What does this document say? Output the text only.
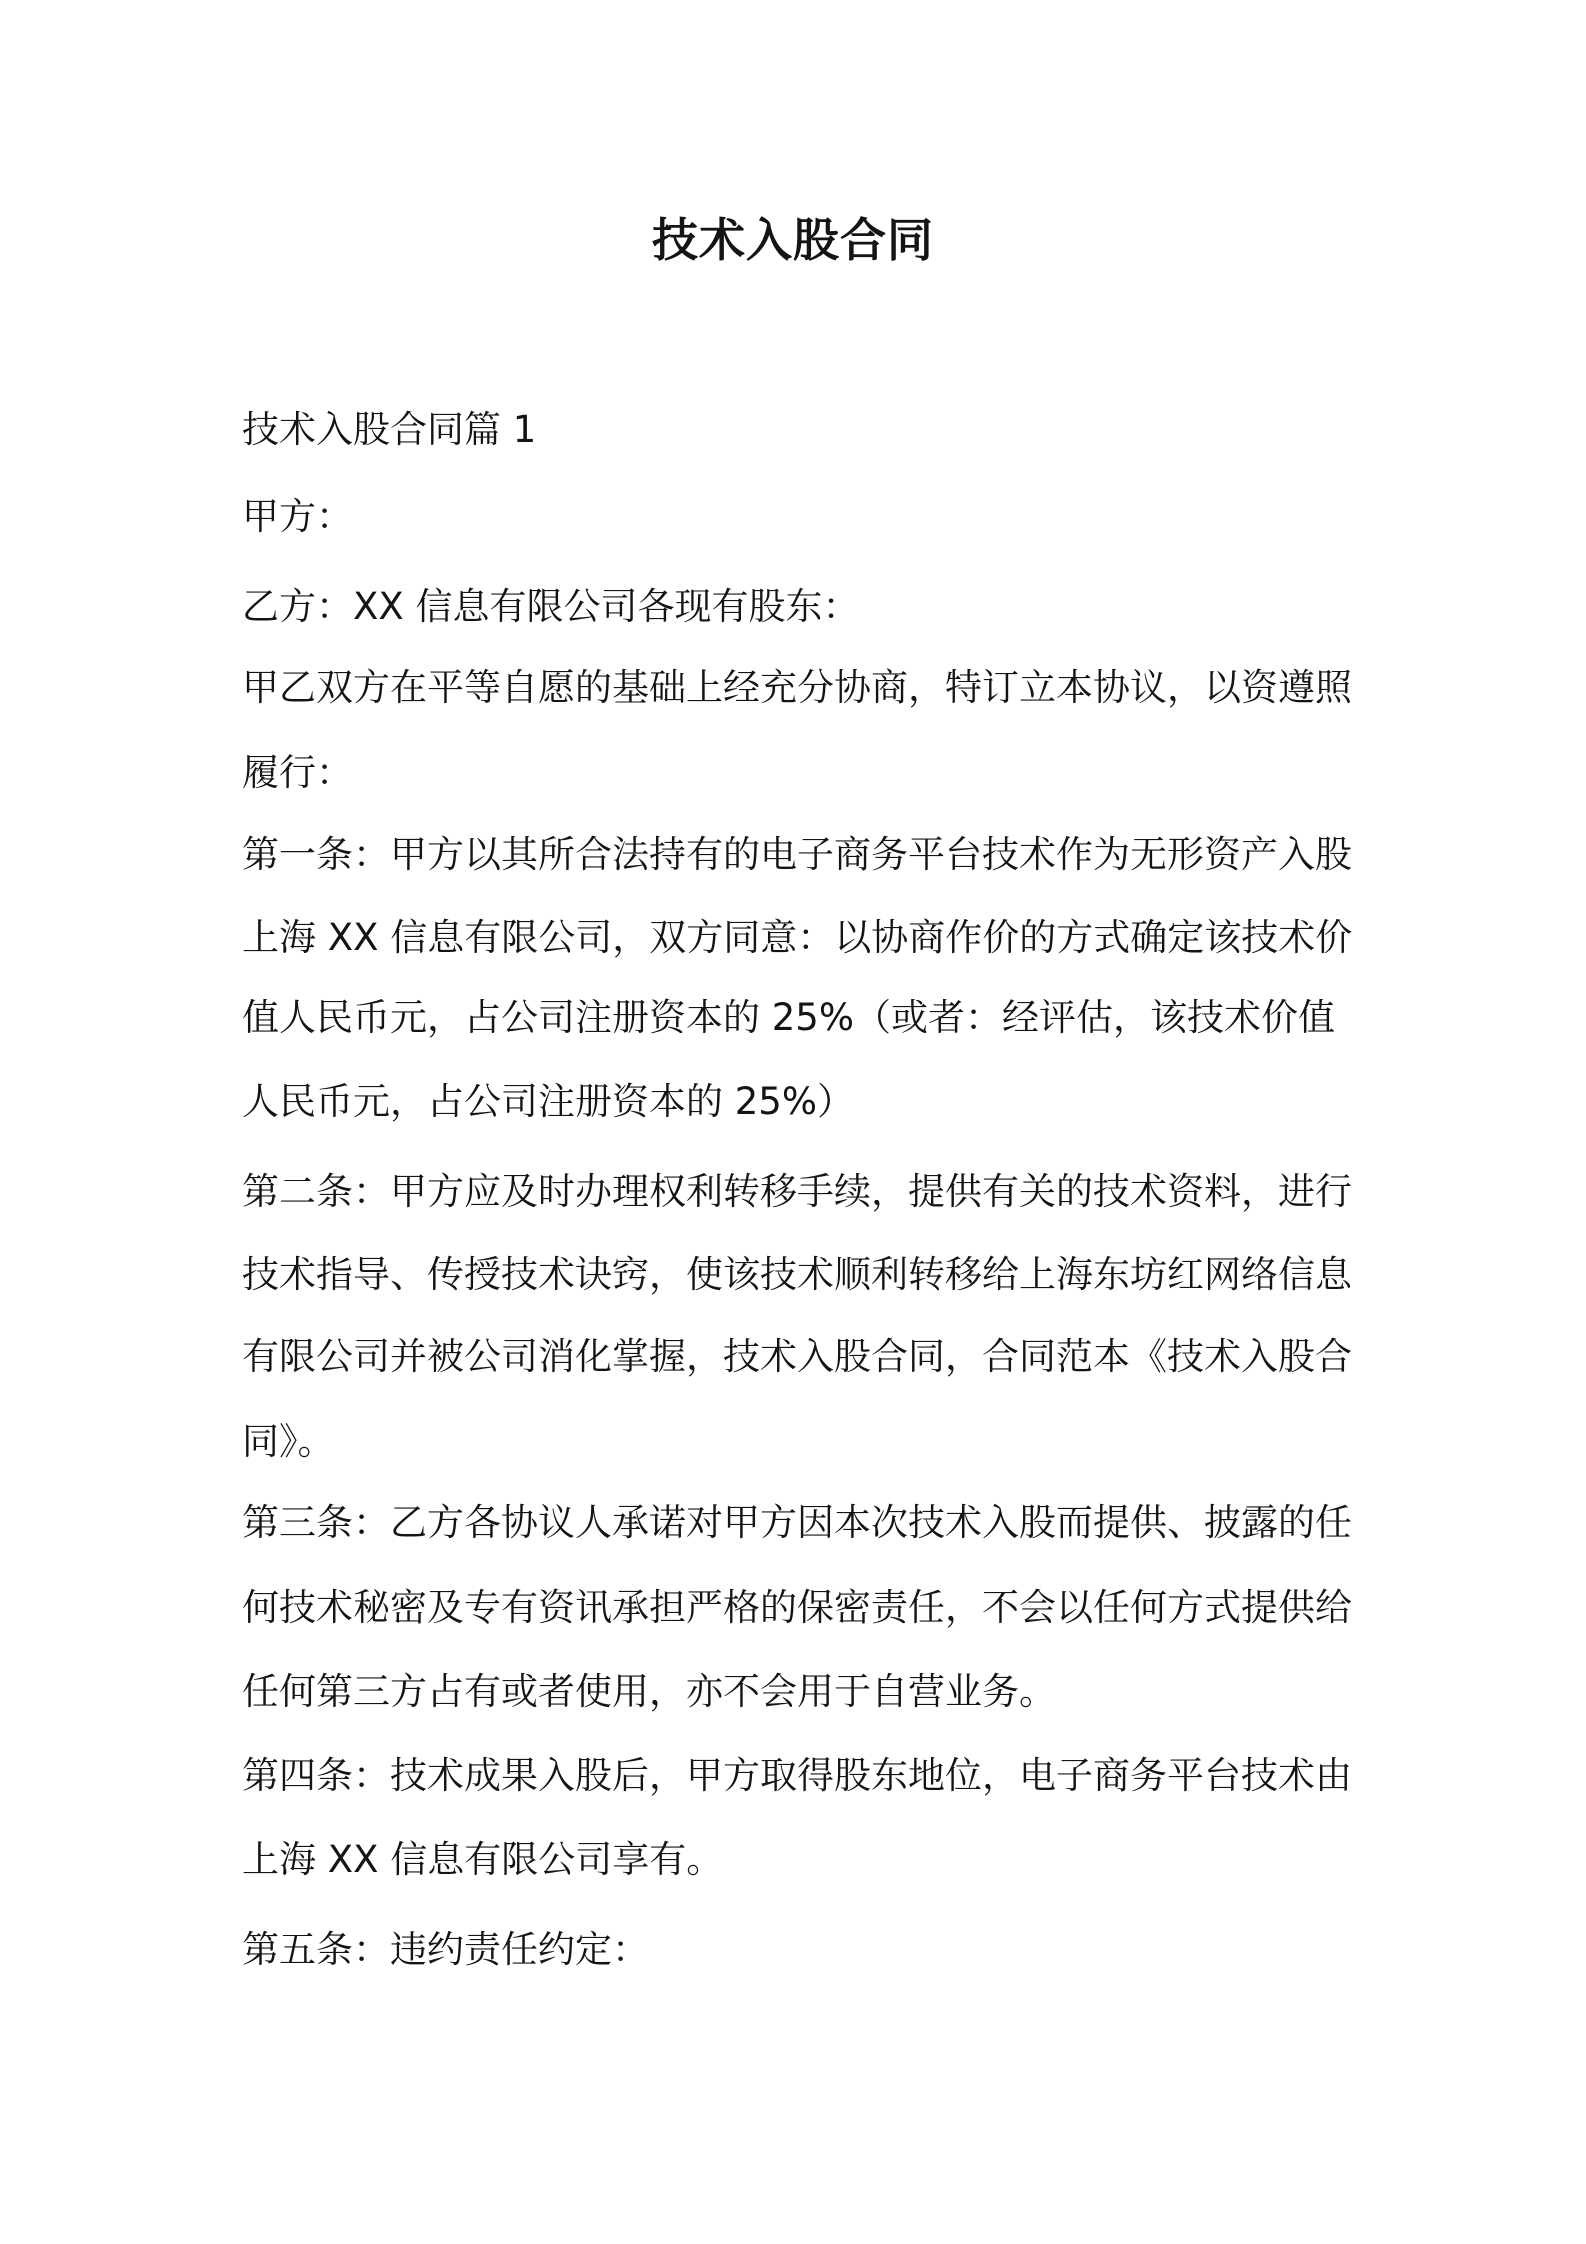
技术入股合同

技术入股合同篇 1

甲方：

乙方：XX 信息有限公司各现有股东：

甲乙双方在平等自愿的基础上经充分协商，特订立本协议，以资遵照

履行：

第一条：甲方以其所合法持有的电子商务平台技术作为无形资产入股

上海 XX 信息有限公司，双方同意：以协商作价的方式确定该技术价

值人民币元，占公司注册资本的 25%（或者：经评估，该技术价值

人民币元，占公司注册资本的 25%）

第二条：甲方应及时办理权利转移手续，提供有关的技术资料，进行

技术指导、传授技术诀窍，使该技术顺利转移给上海东坊红网络信息

有限公司并被公司消化掌握，技术入股合同，合同范本《技术入股合

同》。

第三条：乙方各协议人承诺对甲方因本次技术入股而提供、披露的任

何技术秘密及专有资讯承担严格的保密责任，不会以任何方式提供给

任何第三方占有或者使用，亦不会用于自营业务。

第四条：技术成果入股后，甲方取得股东地位，电子商务平台技术由

上海 XX 信息有限公司享有。

第五条：违约责任约定：
